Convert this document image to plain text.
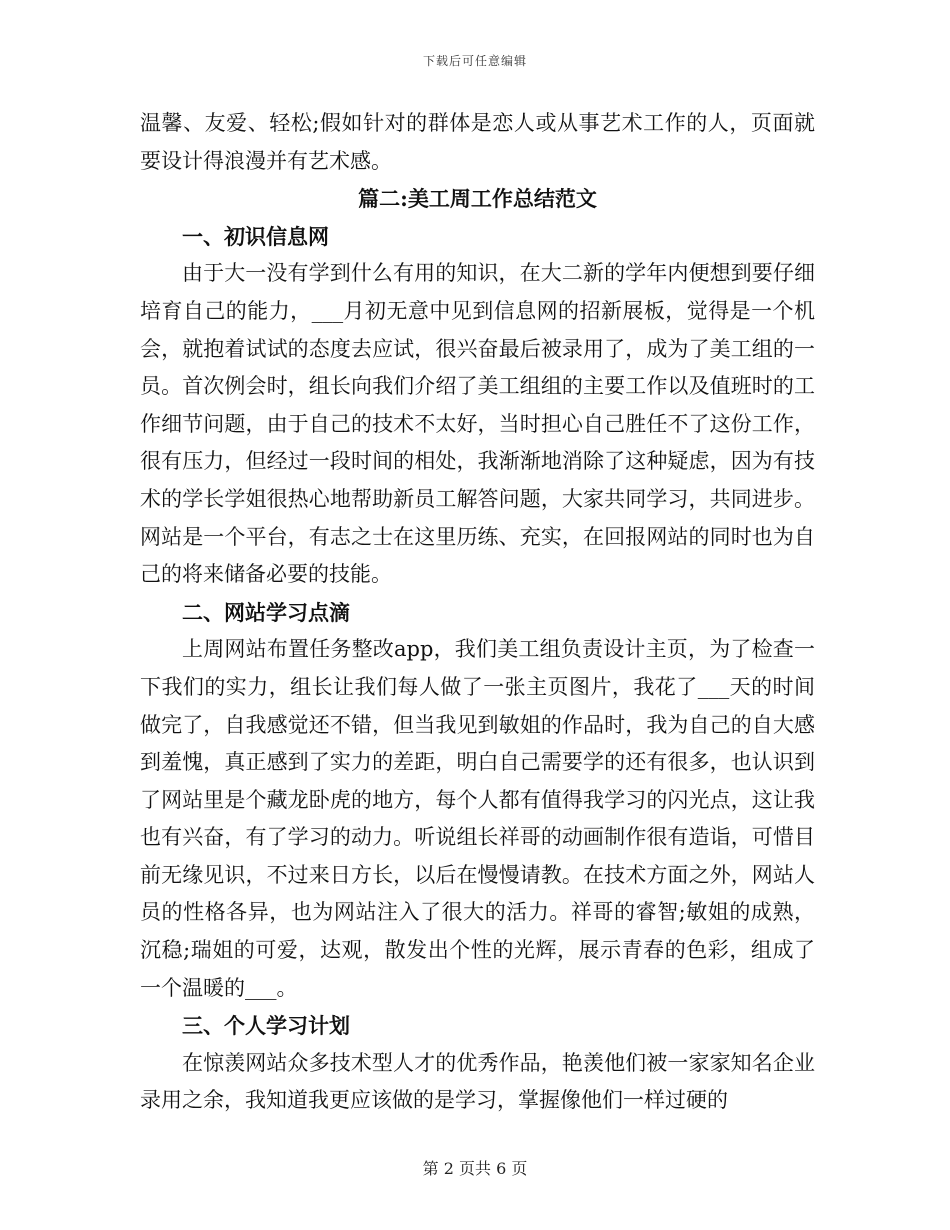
下载后可任意编辑

温馨、友爱、轻松;假如针对的群体是恋人或从事艺术工作的人，页面就要设计得浪漫并有艺术感。

篇二:美工周工作总结范文

一、初识信息网

由于大一没有学到什么有用的知识，在大二新的学年内便想到要仔细培育自己的能力，___月初无意中见到信息网的招新展板，觉得是一个机会，就抱着试试的态度去应试，很兴奋最后被录用了，成为了美工组的一员。首次例会时，组长向我们介绍了美工组组的主要工作以及值班时的工作细节问题，由于自己的技术不太好，当时担心自己胜任不了这份工作，很有压力，但经过一段时间的相处，我渐渐地消除了这种疑虑，因为有技术的学长学姐很热心地帮助新员工解答问题，大家共同学习，共同进步。网站是一个平台，有志之士在这里历练、充实，在回报网站的同时也为自己的将来储备必要的技能。

二、网站学习点滴

上周网站布置任务整改app，我们美工组负责设计主页，为了检查一下我们的实力，组长让我们每人做了一张主页图片，我花了___天的时间做完了，自我感觉还不错，但当我见到敏姐的作品时，我为自己的自大感到羞愧，真正感到了实力的差距，明白自己需要学的还有很多，也认识到了网站里是个藏龙卧虎的地方，每个人都有值得我学习的闪光点，这让我也有兴奋，有了学习的动力。听说组长祥哥的动画制作很有造诣，可惜目前无缘见识，不过来日方长，以后在慢慢请教。在技术方面之外，网站人员的性格各异，也为网站注入了很大的活力。祥哥的睿智;敏姐的成熟，沉稳;瑞姐的可爱，达观，散发出个性的光辉，展示青春的色彩，组成了一个温暖的___。

三、个人学习计划

在惊羡网站众多技术型人才的优秀作品，艳羡他们被一家家知名企业录用之余，我知道我更应该做的是学习，掌握像他们一样过硬的

第 2 页共 6 页
